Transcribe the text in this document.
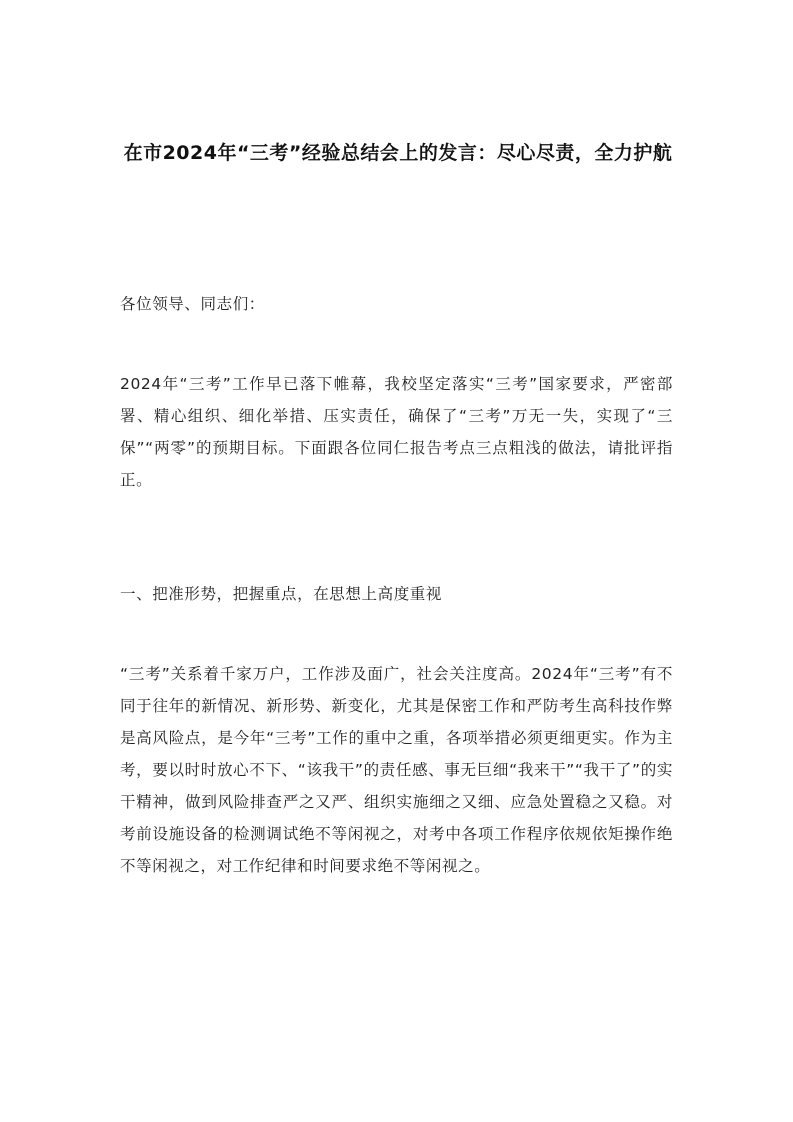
在市2024年“三考”经验总结会上的发言：尽心尽责，全力护航

各位领导、同志们：

2024年“三考”工作早已落下帷幕，我校坚定落实“三考”国家要求，严密部署、精心组织、细化举措、压实责任，确保了“三考”万无一失，实现了“三保”“两零”的预期目标。下面跟各位同仁报告考点三点粗浅的做法，请批评指正。

一、把准形势，把握重点，在思想上高度重视

“三考”关系着千家万户，工作涉及面广，社会关注度高。2024年“三考”有不同于往年的新情况、新形势、新变化，尤其是保密工作和严防考生高科技作弊是高风险点，是今年“三考”工作的重中之重，各项举措必须更细更实。作为主考，要以时时放心不下、“该我干”的责任感、事无巨细“我来干”“我干了”的实干精神，做到风险排查严之又严、组织实施细之又细、应急处置稳之又稳。对考前设施设备的检测调试绝不等闲视之，对考中各项工作程序依规依矩操作绝不等闲视之，对工作纪律和时间要求绝不等闲视之。
